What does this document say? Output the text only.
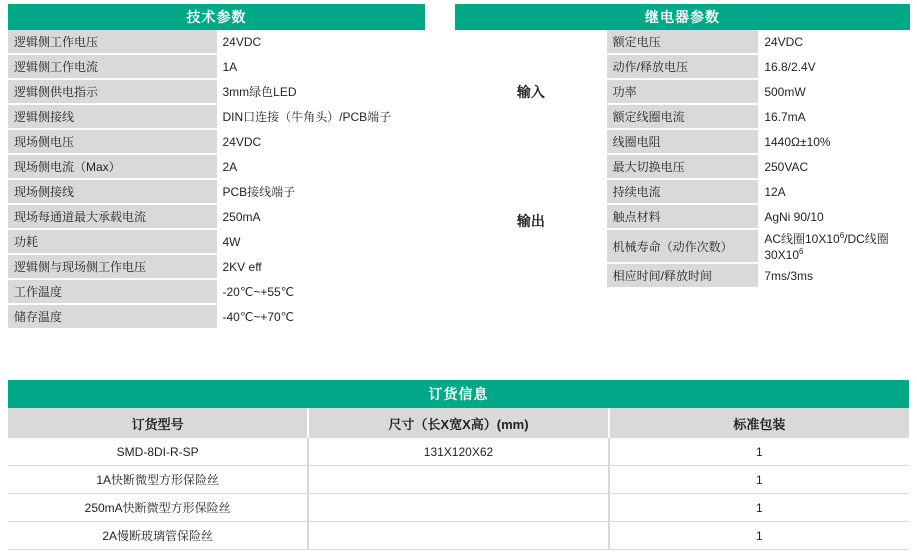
技术参数	
逻辑侧工作电压	24VDC
逻辑侧工作电流	1A
逻辑侧供电指示	3mm绿色LED
逻辑侧接线	DIN口连接（牛角头）/PCB端子
现场侧电压	24VDC
现场侧电流（Max）	2A
现场侧接线	PCB接线端子
现场每通道最大承载电流	250mA
功耗	4W
逻辑侧与现场侧工作电压	2KV eff
工作温度	-20℃~+55℃
储存温度	-40℃~+70℃
继电器参数		
输入	额定电压	24VDC
	动作/释放电压	16.8/2.4V
	功率	500mW
	额定线圈电流	16.7mA
	线圈电阻	1440Ω±10%
输出	最大切换电压	250VAC
	持续电流	12A
	触点材料	AgNi 90/10
	机械寿命（动作次数）	AC线圈$10X10^6/DC$线圈$30X10^6$
	相应时间/释放时间	7ms/3ms
订货信息		
订货型号	尺寸（长X宽X高）(mm)	标准包装
SMD-8DI-R-SP	131X120X62	1
1A快断微型方形保险丝		1
250mA快断微型方形保险丝		1
2A慢断玻璃管保险丝		1
